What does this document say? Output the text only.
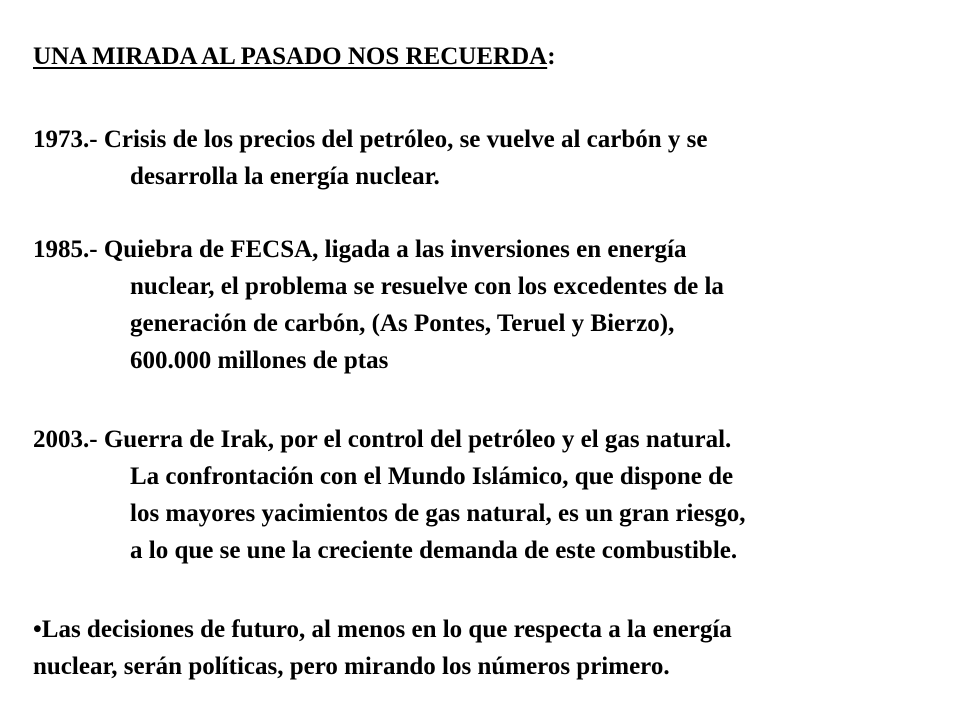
UNA MIRADA AL PASADO NOS RECUERDA:
1973.- Crisis de los precios del petróleo, se vuelve al carbón y se
desarrolla la energía nuclear.
1985.- Quiebra de FECSA, ligada a las inversiones en energía
nuclear, el problema se resuelve con los excedentes de la
generación de carbón, (As Pontes, Teruel y Bierzo),
600.000 millones de ptas
2003.- Guerra de Irak, por el control del petróleo y el gas natural.
La confrontación con el Mundo Islámico, que dispone de
los mayores yacimientos de gas natural, es un gran riesgo,
a lo que se une la creciente demanda de este combustible.
•Las decisiones de futuro, al menos en lo que respecta a la energía
nuclear, serán políticas, pero mirando los números primero.
